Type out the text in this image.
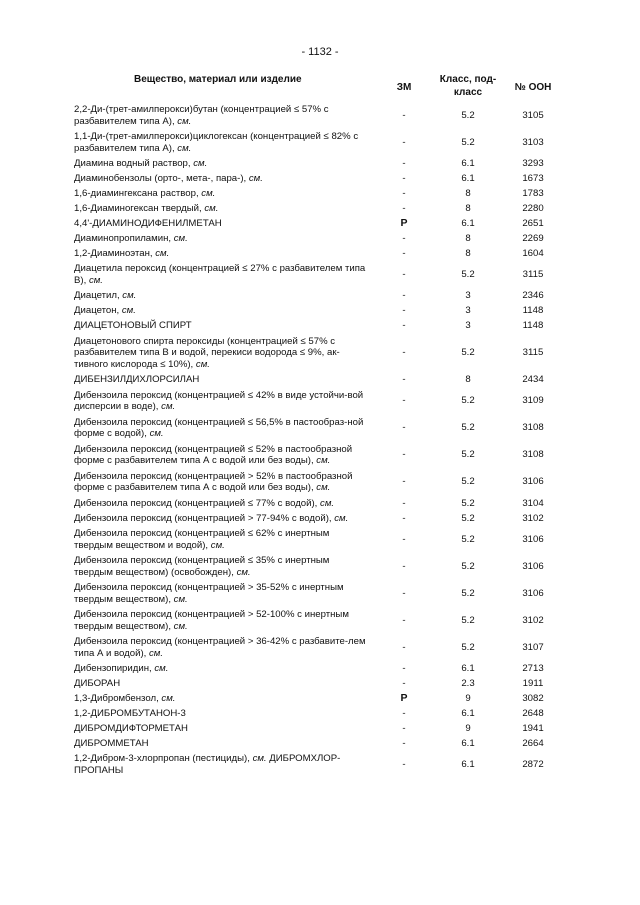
- 1132 -
Вещество, материал или изделие	ЗМ	Класс, под-класс	№ ООН
2,2-Ди-(трет-амилперокси)бутан (концентрацией ≤ 57% с разбавителем типа А), см.	-	5.2	3105
1,1-Ди-(трет-амилперокси)циклогексан (концентрацией ≤ 82% с разбавителем типа А), см.	-	5.2	3103
Диамина водный раствор, см.	-	6.1	3293
Диаминобензолы (орто-, мета-, пара-), см.	-	6.1	1673
1,6-диамингексана раствор, см.	-	8	1783
1,6-Диаминогексан твердый, см.	-	8	2280
4,4'-ДИАМИНОДИФЕНИЛМЕТАН	P	6.1	2651
Диаминопропиламин, см.	-	8	2269
1,2-Диаминоэтан, см.	-	8	1604
Диацетила пероксид (концентрацией ≤ 27% с разбавителем типа В), см.	-	5.2	3115
Диацетил, см.	-	3	2346
Диацетон, см.	-	3	1148
ДИАЦЕТОНОВЫЙ СПИРТ	-	3	1148
Диацетонового спирта пероксиды (концентрацией ≤ 57% с разбавителем типа В и водой, перекиси водорода ≤ 9%, ак-тивного кислорода ≤ 10%), см.	-	5.2	3115
ДИБЕНЗИЛДИХЛОРСИЛАН	-	8	2434
Дибензоила пероксид (концентрацией ≤ 42% в виде устойчи-вой дисперсии в воде), см.	-	5.2	3109
Дибензоила пероксид (концентрацией ≤ 56,5% в пастообраз-ной форме с водой), см.	-	5.2	3108
Дибензоила пероксид (концентрацией ≤ 52% в пастообразной форме с разбавителем типа А с водой или без воды), см.	-	5.2	3108
Дибензоила пероксид (концентрацией > 52% в пастообразной форме с разбавителем типа А с водой или без воды), см.	-	5.2	3106
Дибензоила пероксид (концентрацией ≤ 77% с водой), см.	-	5.2	3104
Дибензоила пероксид (концентрацией > 77-94% с водой), см.	-	5.2	3102
Дибензоила пероксид (концентрацией ≤ 62% с инертным твердым веществом и водой), см.	-	5.2	3106
Дибензоила пероксид (концентрацией ≤ 35% с инертным твердым веществом) (освобожден), см.	-	5.2	3106
Дибензоила пероксид (концентрацией > 35-52% с инертным твердым веществом), см.	-	5.2	3106
Дибензоила пероксид (концентрацией > 52-100% с инертным твердым веществом), см.	-	5.2	3102
Дибензоила пероксид (концентрацией > 36-42% с разбавите-лем типа А и водой), см.	-	5.2	3107
Дибензопиридин, см.	-	6.1	2713
ДИБОРАН	-	2.3	1911
1,3-Дибромбензол, см.	P	9	3082
1,2-ДИБРОМБУТАНОН-3	-	6.1	2648
ДИБРОМДИФТОРМЕТАН	-	9	1941
ДИБРОММЕТАН	-	6.1	2664
1,2-Дибром-3-хлорпропан (пестициды), см. ДИБРОМХЛОР-ПРОПАНЫ	-	6.1	2872
